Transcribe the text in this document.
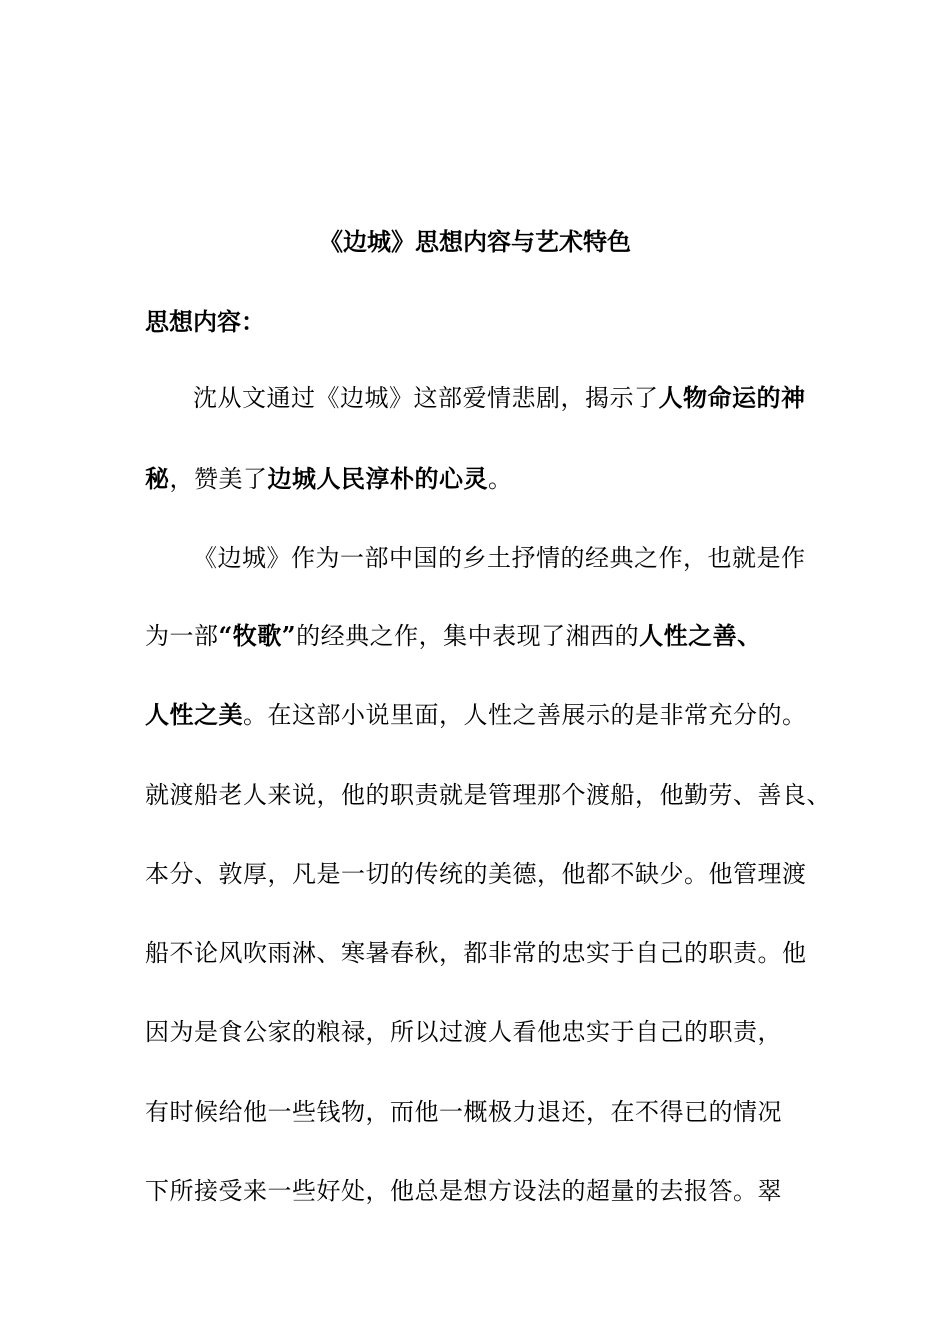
《边城》思想内容与艺术特色
思想内容：
沈从文通过《边城》这部爱情悲剧，揭示了人物命运的神
秘，赞美了边城人民淳朴的心灵。
《边城》作为一部中国的乡土抒情的经典之作，也就是作
为一部“牧歌”的经典之作，集中表现了湘西的人性之善、
人性之美。在这部小说里面，人性之善展示的是非常充分的。
就渡船老人来说，他的职责就是管理那个渡船，他勤劳、善良、
本分、敦厚，凡是一切的传统的美德，他都不缺少。他管理渡
船不论风吹雨淋、寒暑春秋，都非常的忠实于自己的职责。他
因为是食公家的粮禄，所以过渡人看他忠实于自己的职责，
有时候给他一些钱物，而他一概极力退还，在不得已的情况
下所接受来一些好处，他总是想方设法的超量的去报答。翠
